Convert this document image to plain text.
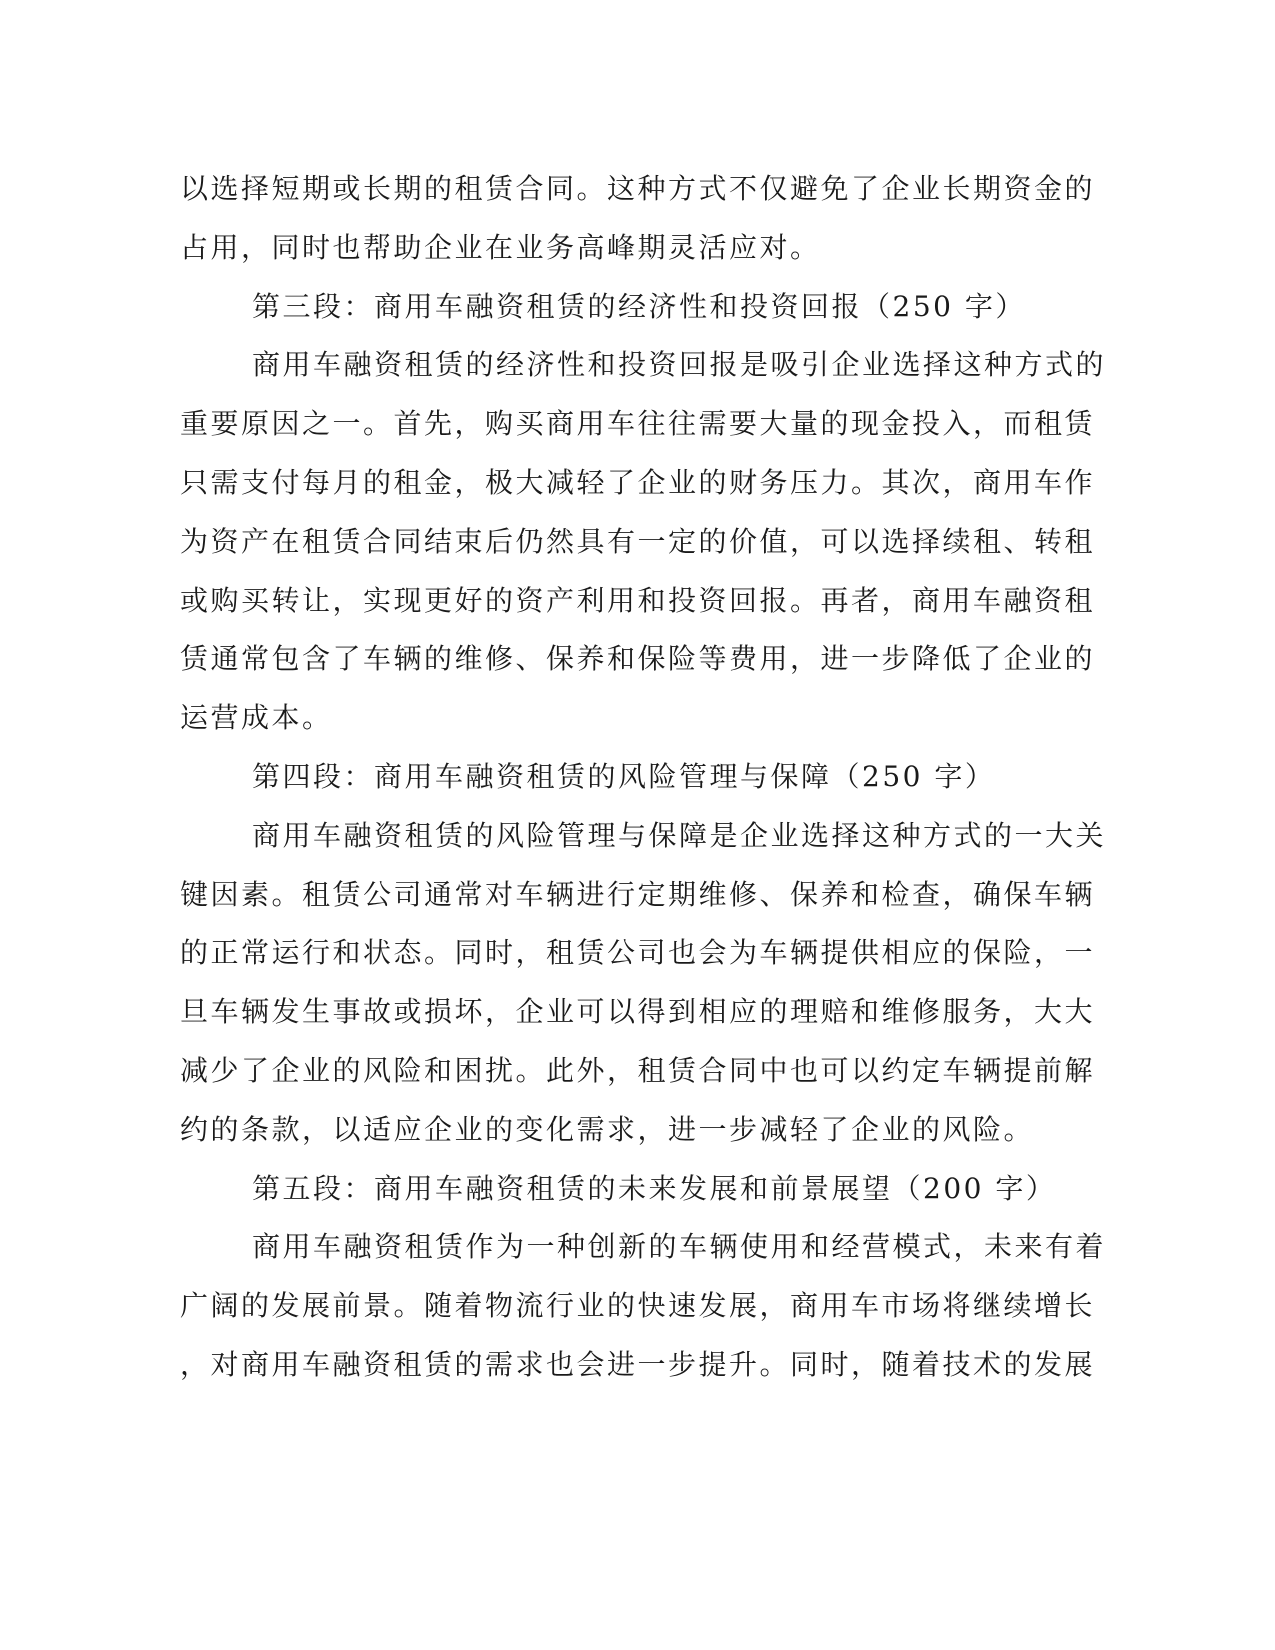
以选择短期或长期的租赁合同。这种方式不仅避免了企业长期资金的
占用，同时也帮助企业在业务高峰期灵活应对。
第三段：商用车融资租赁的经济性和投资回报（250 字）
商用车融资租赁的经济性和投资回报是吸引企业选择这种方式的
重要原因之一。首先，购买商用车往往需要大量的现金投入，而租赁
只需支付每月的租金，极大减轻了企业的财务压力。其次，商用车作
为资产在租赁合同结束后仍然具有一定的价值，可以选择续租、转租
或购买转让，实现更好的资产利用和投资回报。再者，商用车融资租
赁通常包含了车辆的维修、保养和保险等费用，进一步降低了企业的
运营成本。
第四段：商用车融资租赁的风险管理与保障（250 字）
商用车融资租赁的风险管理与保障是企业选择这种方式的一大关
键因素。租赁公司通常对车辆进行定期维修、保养和检查，确保车辆
的正常运行和状态。同时，租赁公司也会为车辆提供相应的保险，一
旦车辆发生事故或损坏，企业可以得到相应的理赔和维修服务，大大
减少了企业的风险和困扰。此外，租赁合同中也可以约定车辆提前解
约的条款，以适应企业的变化需求，进一步减轻了企业的风险。
第五段：商用车融资租赁的未来发展和前景展望（200 字）
商用车融资租赁作为一种创新的车辆使用和经营模式，未来有着
广阔的发展前景。随着物流行业的快速发展，商用车市场将继续增长
，对商用车融资租赁的需求也会进一步提升。同时，随着技术的发展
